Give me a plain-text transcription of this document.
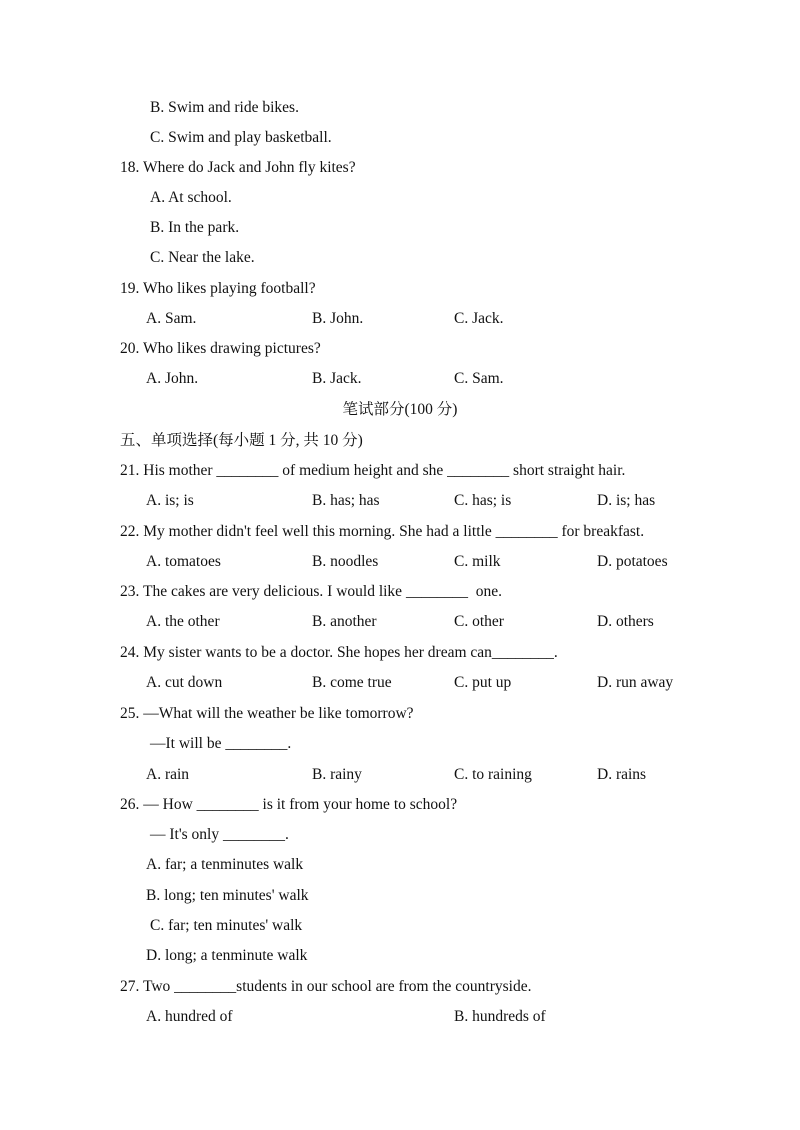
B. Swim and ride bikes.
C. Swim and play basketball.
18. Where do Jack and John fly kites?
A. At school.
B. In the park.
C. Near the lake.
19. Who likes playing football?
A. Sam.	B. John.	C. Jack.
20. Who likes drawing pictures?
A. John.	B. Jack.	C. Sam.
笔试部分(100 分)
五、单项选择(每小题 1 分, 共 10 分)
21. His mother ________ of medium height and she ________ short straight hair.
A. is; is	B. has; has	C. has; is	D. is; has
22. My mother didn't feel well this morning. She had a little ________ for breakfast.
A. tomatoes	B. noodles	C. milk	D. potatoes
23. The cakes are very delicious. I would like ________  one.
A. the other	B. another	C. other	D. others
24. My sister wants to be a doctor. She hopes her dream can________.
A. cut down	B. come true	C. put up	D. run away
25. —What will the weather be like tomorrow?
—It will be ________.
A. rain	B. rainy	C. to raining	D. rains
26. — How ________ is it from your home to school?
— It's only ________.
A. far; a tenminutes walk
B. long; ten minutes' walk
C. far; ten minutes' walk
D. long; a tenminute walk
27. Two ________students in our school are from the countryside.
A. hundred of	B. hundreds of
